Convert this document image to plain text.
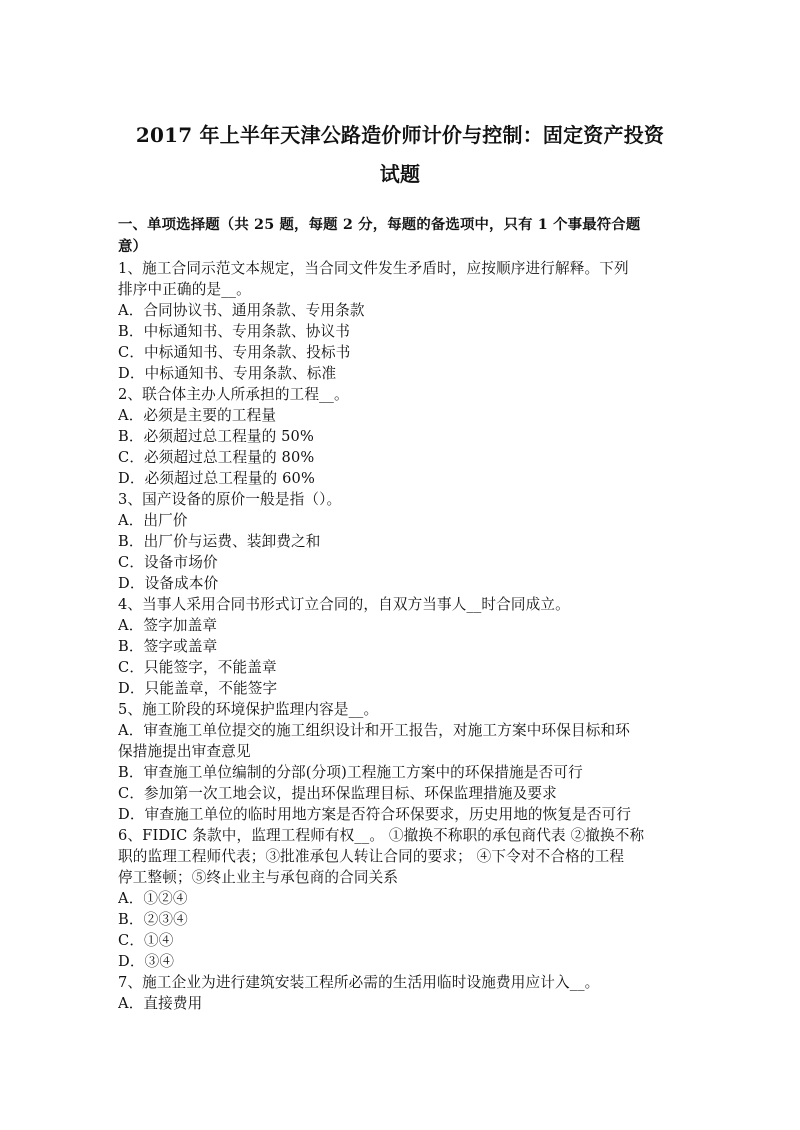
2017 年上半年天津公路造价师计价与控制：固定资产投资
试题
一、单项选择题（共 25 题，每题 2 分，每题的备选项中，只有 1 个事最符合题
意）
1、施工合同示范文本规定，当合同文件发生矛盾时，应按顺序进行解释。下列
排序中正确的是__。
A．合同协议书、通用条款、专用条款
B．中标通知书、专用条款、协议书
C．中标通知书、专用条款、投标书
D．中标通知书、专用条款、标准
2、联合体主办人所承担的工程__。
A．必须是主要的工程量
B．必须超过总工程量的 50%
C．必须超过总工程量的 80%
D．必须超过总工程量的 60%
3、国产设备的原价一般是指（）。
A．出厂价
B．出厂价与运费、装卸费之和
C．设备市场价
D．设备成本价
4、当事人采用合同书形式订立合同的，自双方当事人__时合同成立。
A．签字加盖章
B．签字或盖章
C．只能签字，不能盖章
D．只能盖章，不能签字
5、施工阶段的环境保护监理内容是__。
A．审查施工单位提交的施工组织设计和开工报告，对施工方案中环保目标和环
保措施提出审查意见
B．审查施工单位编制的分部(分项)工程施工方案中的环保措施是否可行
C．参加第一次工地会议，提出环保监理目标、环保监理措施及要求
D．审查施工单位的临时用地方案是否符合环保要求，历史用地的恢复是否可行
6、FIDIC 条款中，监理工程师有权__。 ①撤换不称职的承包商代表 ②撤换不称
职的监理工程师代表；③批准承包人转让合同的要求； ④下令对不合格的工程
停工整顿；⑤终止业主与承包商的合同关系
A．①②④
B．②③④
C．①④
D．③④
7、施工企业为进行建筑安装工程所必需的生活用临时设施费用应计入__。
A．直接费用
